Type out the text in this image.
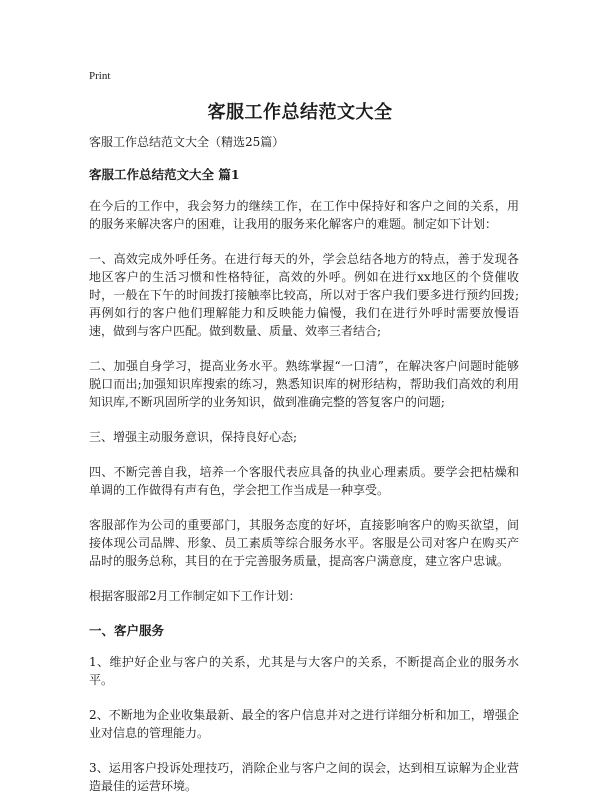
Print
客服工作总结范文大全

客服工作总结范文大全（精选25篇）

客服工作总结范文大全 篇1

在今后的工作中，我会努力的继续工作，在工作中保持好和客户之间的关系，用的服务来解决客户的困难，让我用的服务来化解客户的难题。制定如下计划：

一、高效完成外呼任务。在进行每天的外，学会总结各地方的特点，善于发现各地区客户的生活习惯和性格特征，高效的外呼。例如在进行xx地区的个贷催收时，一般在下午的时间拨打接触率比较高，所以对于客户我们要多进行预约回拨;再例如行的客户他们理解能力和反映能力偏慢，我们在进行外呼时需要放慢语速，做到与客户匹配。做到数量、质量、效率三者结合;

二、加强自身学习，提高业务水平。熟练掌握“一口清”，在解决客户问题时能够脱口而出;加强知识库搜索的练习，熟悉知识库的树形结构，帮助我们高效的利用知识库,不断巩固所学的业务知识，做到准确完整的答复客户的问题;

三、增强主动服务意识，保持良好心态;

四、不断完善自我，培养一个客服代表应具备的执业心理素质。要学会把枯燥和单调的工作做得有声有色，学会把工作当成是一种享受。

客服部作为公司的重要部门，其服务态度的好坏，直接影响客户的购买欲望，间接体现公司品牌、形象、员工素质等综合服务水平。客服是公司对客户在购买产品时的服务总称，其目的在于完善服务质量，提高客户满意度，建立客户忠诚。

根据客服部2月工作制定如下工作计划：

一、客户服务

1、维护好企业与客户的关系，尤其是与大客户的关系，不断提高企业的服务水平。

2、不断地为企业收集最新、最全的客户信息并对之进行详细分析和加工，增强企业对信息的管理能力。

3、运用客户投诉处理技巧，消除企业与客户之间的误会，达到相互谅解为企业营造最佳的运营环境。
